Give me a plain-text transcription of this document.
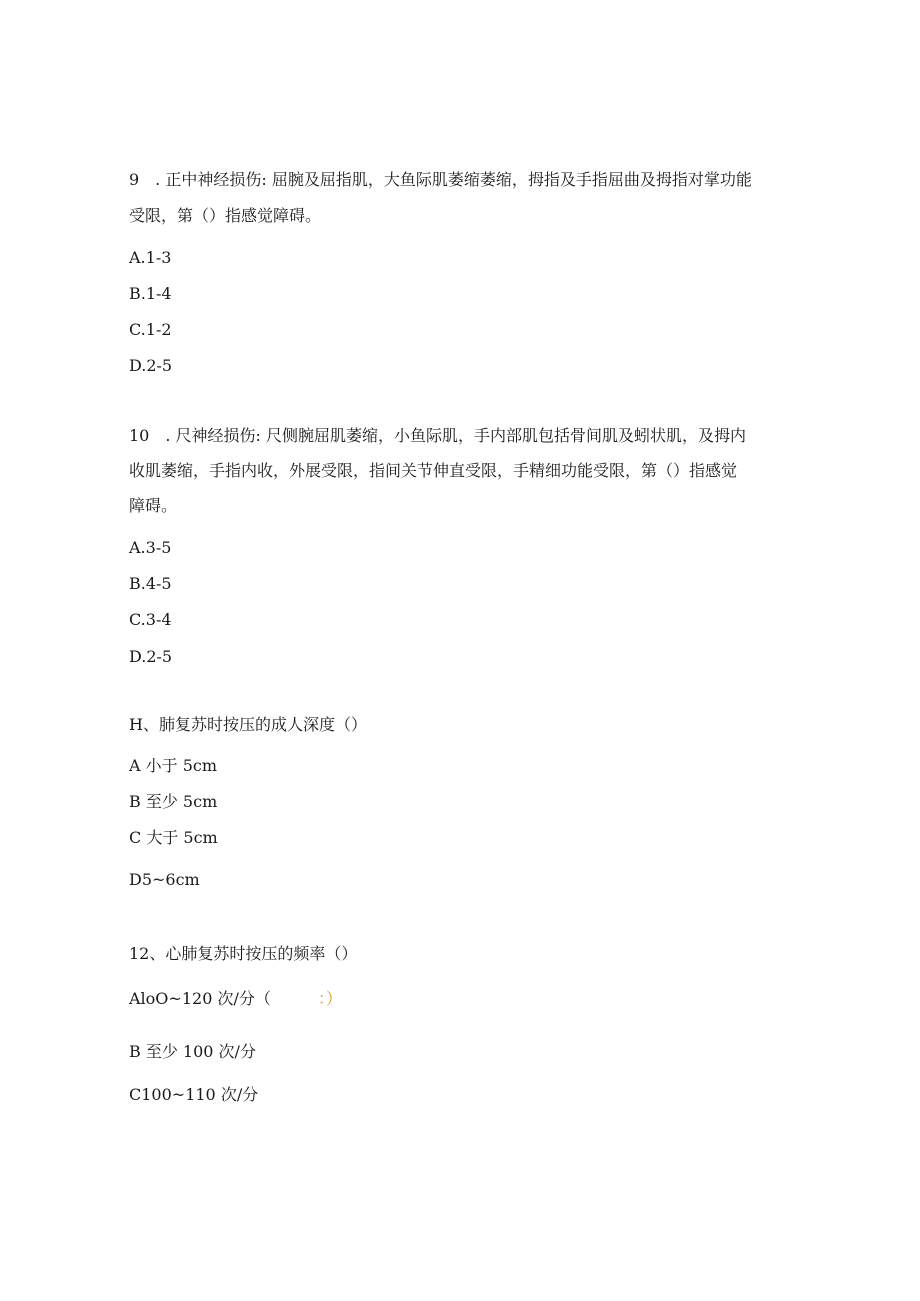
9　. 正中神经损伤: 屈腕及屈指肌，大鱼际肌萎缩萎缩，拇指及手指屈曲及拇指对掌功能

受限，第（）指感觉障碍。

A.1-3

B.1-4

C.1-2

D.2-5

10　. 尺神经损伤: 尺侧腕屈肌萎缩，小鱼际肌，手内部肌包括骨间肌及蚓状肌，及拇内

收肌萎缩，手指内收，外展受限，指间关节伸直受限，手精细功能受限，第（）指感觉

障碍。

A.3-5

B.4-5

C.3-4

D.2-5

H、肺复苏时按压的成人深度（）

A 小于 5cm

B 至少 5cm

C 大于 5cm

D5~6cm

12、心肺复苏时按压的频率（）

AloO~120 次/分（	：）

B 至少 100 次/分

C100~110 次/分
